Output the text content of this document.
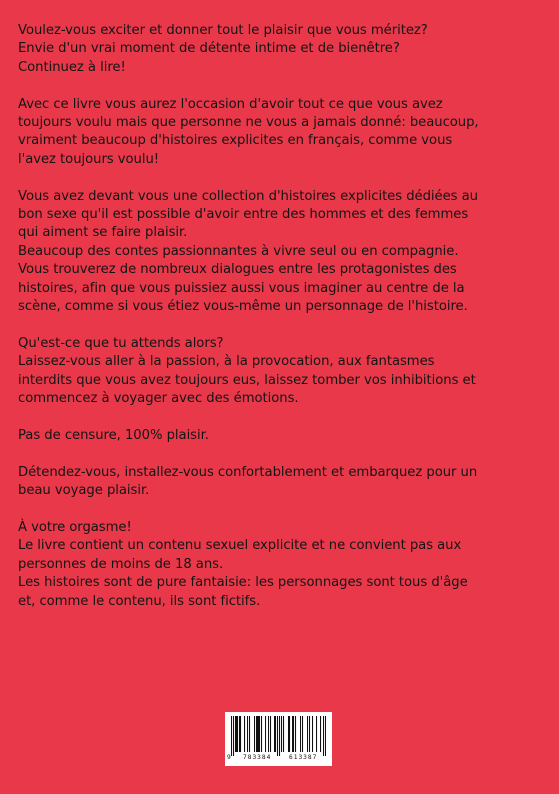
Voulez-vous exciter et donner tout le plaisir que vous méritez?
Envie d'un vrai moment de détente intime et de bienêtre?
Continuez à lire!

Avec ce livre vous aurez l'occasion d'avoir tout ce que vous avez
toujours voulu mais que personne ne vous a jamais donné: beaucoup,
vraiment beaucoup d'histoires explicites en français, comme vous
l'avez toujours voulu!

Vous avez devant vous une collection d'histoires explicites dédiées au
bon sexe qu'il est possible d'avoir entre des hommes et des femmes
qui aiment se faire plaisir.
Beaucoup des contes passionnantes à vivre seul ou en compagnie.
Vous trouverez de nombreux dialogues entre les protagonistes des
histoires, afin que vous puissiez aussi vous imaginer au centre de la
scène, comme si vous étiez vous-même un personnage de l'histoire.

Qu'est-ce que tu attends alors?
Laissez-vous aller à la passion, à la provocation, aux fantasmes
interdits que vous avez toujours eus, laissez tomber vos inhibitions et
commencez à voyager avec des émotions.

Pas de censure, 100% plaisir.

Détendez-vous, installez-vous confortablement et embarquez pour un
beau voyage plaisir.

À votre orgasme!
Le livre contient un contenu sexuel explicite et ne convient pas aux
personnes de moins de 18 ans.
Les histoires sont de pure fantaisie: les personnages sont tous d'âge
et, comme le contenu, ils sont fictifs.

9 783384	613387
